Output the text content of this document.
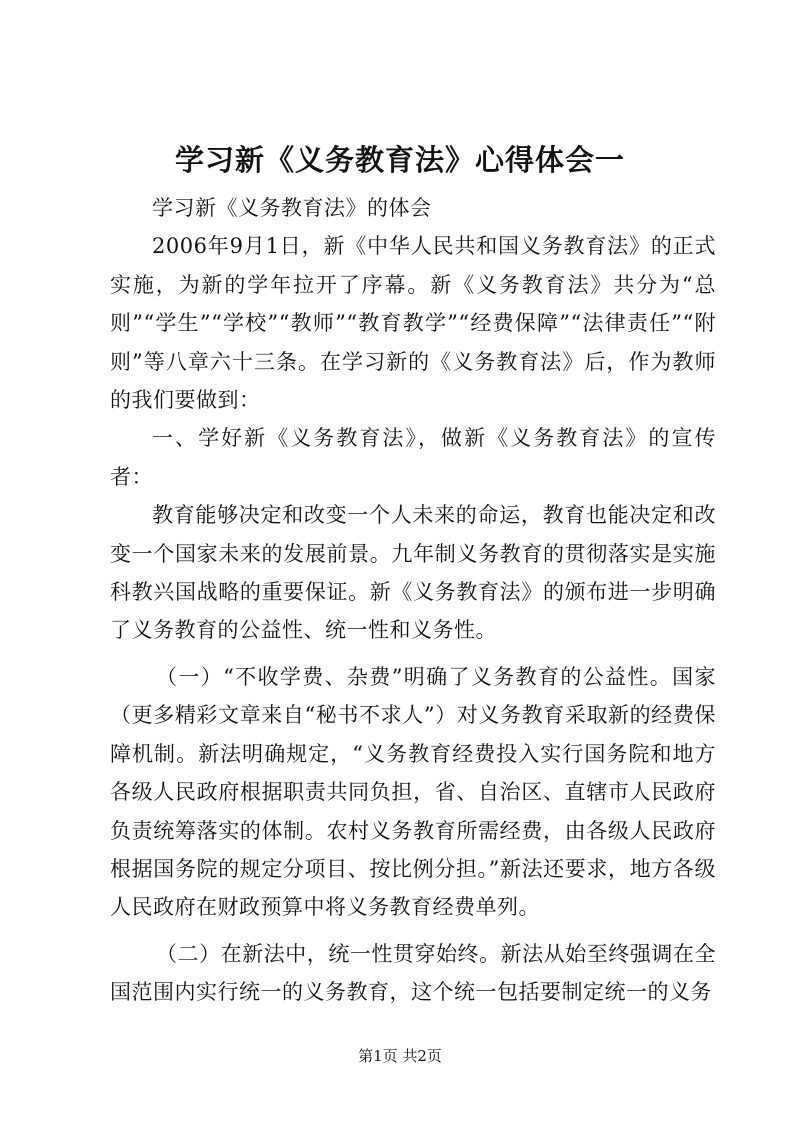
学习新《义务教育法》心得体会一

学习新《义务教育法》的体会

2006年9月1日，新《中华人民共和国义务教育法》的正式实施，为新的学年拉开了序幕。新《义务教育法》共分为“总则”“学生”“学校”“教师”“教育教学”“经费保障”“法律责任”“附则”等八章六十三条。在学习新的《义务教育法》后，作为教师的我们要做到：

一、学好新《义务教育法》，做新《义务教育法》的宣传者：

教育能够决定和改变一个人未来的命运，教育也能决定和改变一个国家未来的发展前景。九年制义务教育的贯彻落实是实施科教兴国战略的重要保证。新《义务教育法》的颁布进一步明确了义务教育的公益性、统一性和义务性。

（一）“不收学费、杂费”明确了义务教育的公益性。国家（更多精彩文章来自“秘书不求人”）对义务教育采取新的经费保障机制。新法明确规定，“义务教育经费投入实行国务院和地方各级人民政府根据职责共同负担，省、自治区、直辖市人民政府负责统筹落实的体制。农村义务教育所需经费，由各级人民政府根据国务院的规定分项目、按比例分担。”新法还要求，地方各级人民政府在财政预算中将义务教育经费单列。

（二）在新法中，统一性贯穿始终。新法从始至终强调在全国范围内实行统一的义务教育，这个统一包括要制定统一的义务

第1页 共2页
